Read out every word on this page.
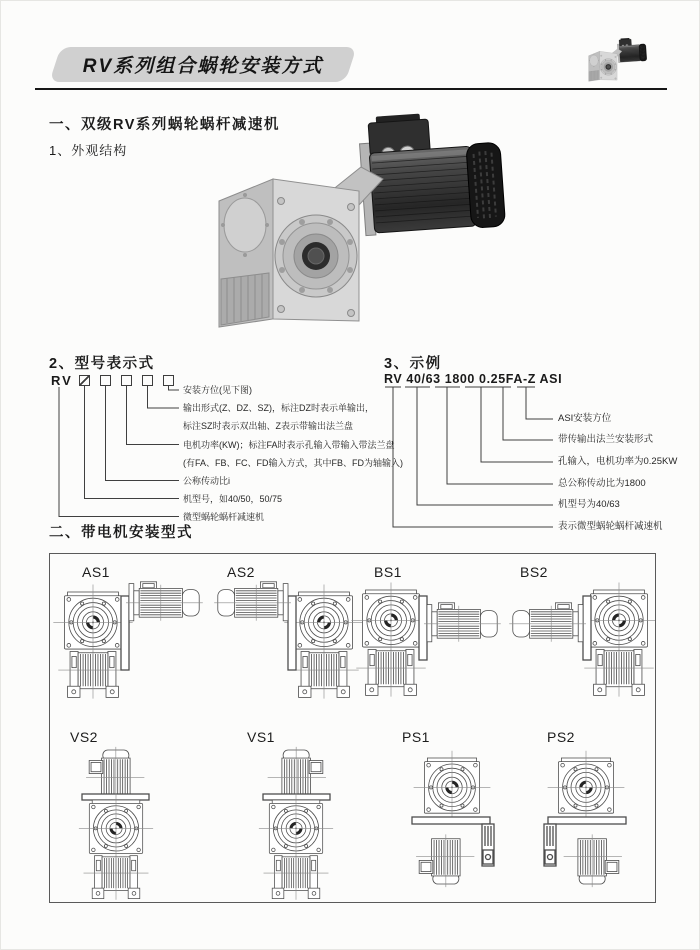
RV系列组合蜗轮安装方式
一、双级RV系列蜗轮蜗杆减速机
1、外观结构
2、型号表示式
RV
安装方位(见下图)
输出形式(Z、DZ、SZ)，标注DZ时表示单输出，
标注SZ时表示双出轴、Z表示带输出法兰盘
电机功率(KW)；标注FA时表示孔输入带输入带法兰盘
(有FA、FB、FC、FD输入方式，其中FB、FD为轴输入)
公称传动比i
机型号，如40/50，50/75
微型蜗轮蜗杆减速机
3、示例
RV 40/63 1800 0.25FA-Z ASI
ASI安装方位
带传输出法兰安装形式
孔输入，电机功率为0.25KW
总公称传动比为1800
机型号为40/63
表示微型蜗轮蜗杆减速机
二、带电机安装型式
AS1	AS2	BS1	BS2
VS2	VS1	PS1	PS2
